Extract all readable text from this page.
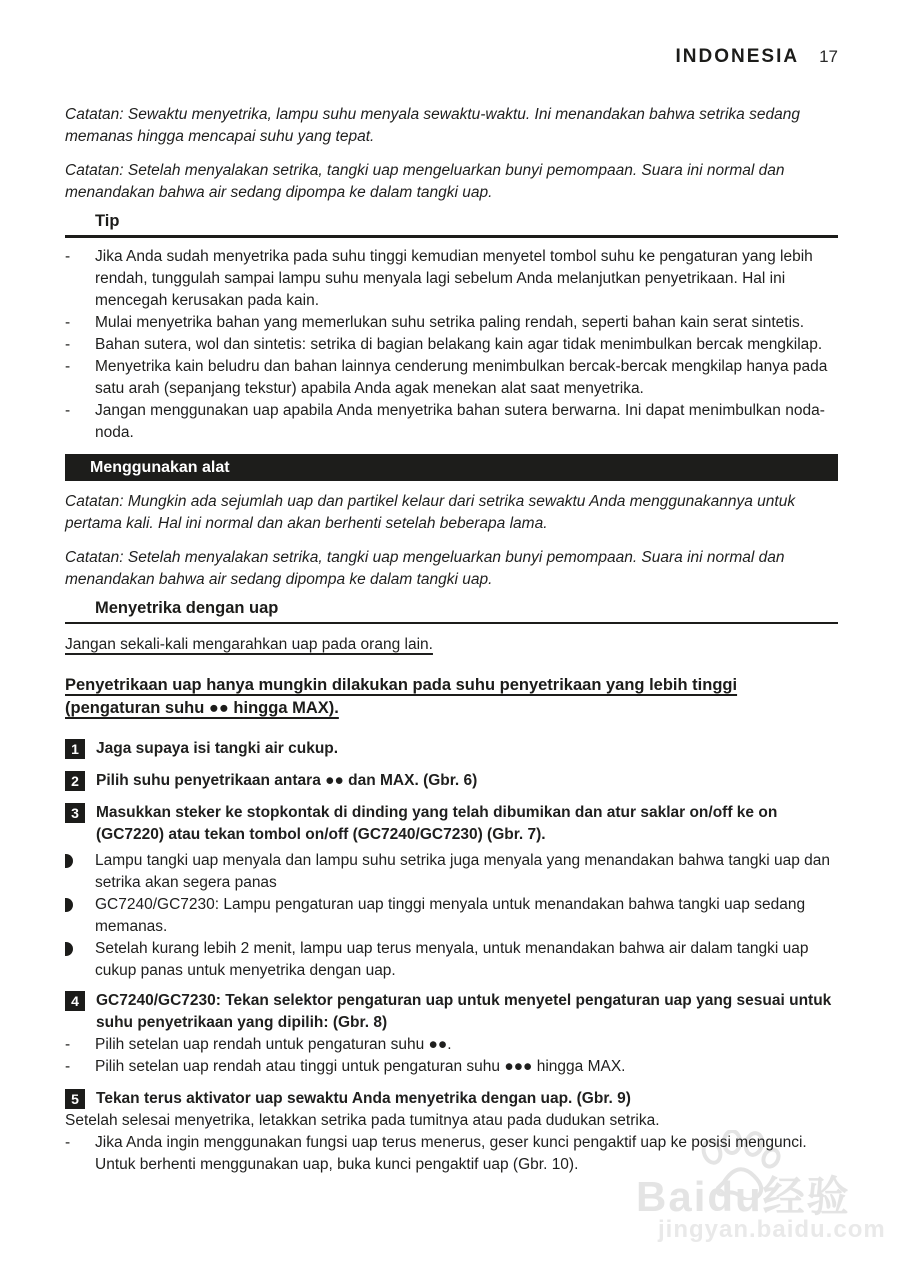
Baidu经验
jingyan.baidu.com
INDONESIA 17

Catatan: Sewaktu menyetrika, lampu suhu menyala sewaktu-waktu. Ini menandakan bahwa setrika sedang memanas hingga mencapai suhu yang tepat.

Catatan: Setelah menyalakan setrika, tangki uap mengeluarkan bunyi pemompaan. Suara ini normal dan menandakan bahwa air sedang dipompa ke dalam tangki uap.

Tip
-	Jika Anda sudah menyetrika pada suhu tinggi kemudian menyetel tombol suhu ke pengaturan yang lebih rendah, tunggulah sampai lampu suhu menyala lagi sebelum Anda melanjutkan penyetrikaan. Hal ini mencegah kerusakan pada kain.
-	Mulai menyetrika bahan yang memerlukan suhu setrika paling rendah, seperti bahan kain serat sintetis.
-	Bahan sutera, wol dan sintetis: setrika di bagian belakang kain agar tidak menimbulkan bercak mengkilap.
-	Menyetrika kain beludru dan bahan lainnya cenderung menimbulkan bercak-bercak mengkilap hanya pada satu arah (sepanjang tekstur) apabila Anda agak menekan alat saat menyetrika.
-	Jangan menggunakan uap apabila Anda menyetrika bahan sutera berwarna. Ini dapat menimbulkan noda-noda.
Menggunakan alat

Catatan: Mungkin ada sejumlah uap dan partikel kelaur dari setrika sewaktu Anda menggunakannya untuk pertama kali. Hal ini normal dan akan berhenti setelah beberapa lama.

Catatan: Setelah menyalakan setrika, tangki uap mengeluarkan bunyi pemompaan. Suara ini normal dan menandakan bahwa air sedang dipompa ke dalam tangki uap.

Menyetrika dengan uap

Jangan sekali-kali mengarahkan uap pada orang lain.

Penyetrikaan uap hanya mungkin dilakukan pada suhu penyetrikaan yang lebih tinggi
(pengaturan suhu ●● hingga MAX).

1	Jaga supaya isi tangki air cukup.
2	Pilih suhu penyetrikaan antara ●● dan MAX. (Gbr. 6)
3	Masukkan steker ke stopkontak di dinding yang telah dibumikan dan atur saklar on/off ke on (GC7220) atau tekan tombol on/off (GC7240/GC7230) (Gbr. 7).
Lampu tangki uap menyala dan lampu suhu setrika juga menyala yang menandakan bahwa tangki uap dan setrika akan segera panas
GC7240/GC7230: Lampu pengaturan uap tinggi menyala untuk menandakan bahwa tangki uap sedang memanas.
Setelah kurang lebih 2 menit, lampu uap terus menyala, untuk menandakan bahwa air dalam tangki uap cukup panas untuk menyetrika dengan uap.
4	GC7240/GC7230: Tekan selektor pengaturan uap untuk menyetel pengaturan uap yang sesuai untuk suhu penyetrikaan yang dipilih: (Gbr. 8)
-	Pilih setelan uap rendah untuk pengaturan suhu ●●.
-	Pilih setelan uap rendah atau tinggi untuk pengaturan suhu ●●● hingga MAX.
5	Tekan terus aktivator uap sewaktu Anda menyetrika dengan uap. (Gbr. 9)

Setelah selesai menyetrika, letakkan setrika pada tumitnya atau pada dudukan setrika.

-	Jika Anda ingin menggunakan fungsi uap terus menerus, geser kunci pengaktif uap ke posisi mengunci. Untuk berhenti menggunakan uap, buka kunci pengaktif uap (Gbr. 10).
